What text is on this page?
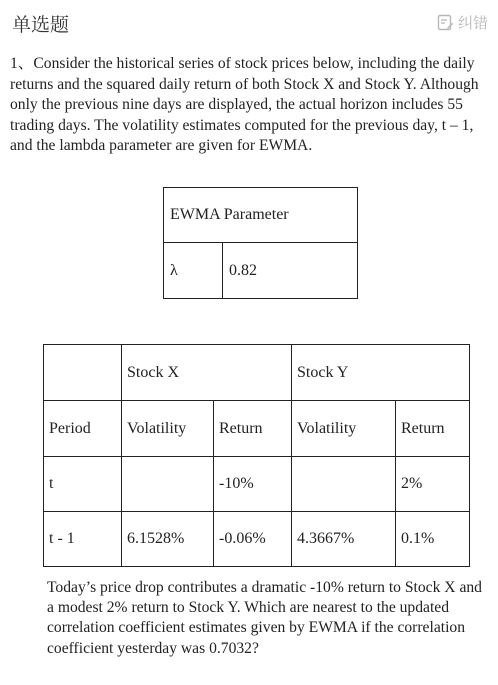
单选题	纠错
1、Consider the historical series of stock prices below, including the daily returns and the squared daily return of both Stock X and Stock Y. Although only the previous nine days are displayed, the actual horizon includes 55 trading days. The volatility estimates computed for the previous day, t – 1, and the lambda parameter are given for EWMA.
EWMA Parameter
λ	0.82
	Stock X		Stock Y	
Period	Volatility	Return	Volatility	Return
t		-10%		2%
t - 1	6.1528%	-0.06%	4.3667%	0.1%
Today’s price drop contributes a dramatic -10% return to Stock X and a modest 2% return to Stock Y. Which are nearest to the updated correlation coefficient estimates given by EWMA if the correlation coefficient yesterday was 0.7032?
